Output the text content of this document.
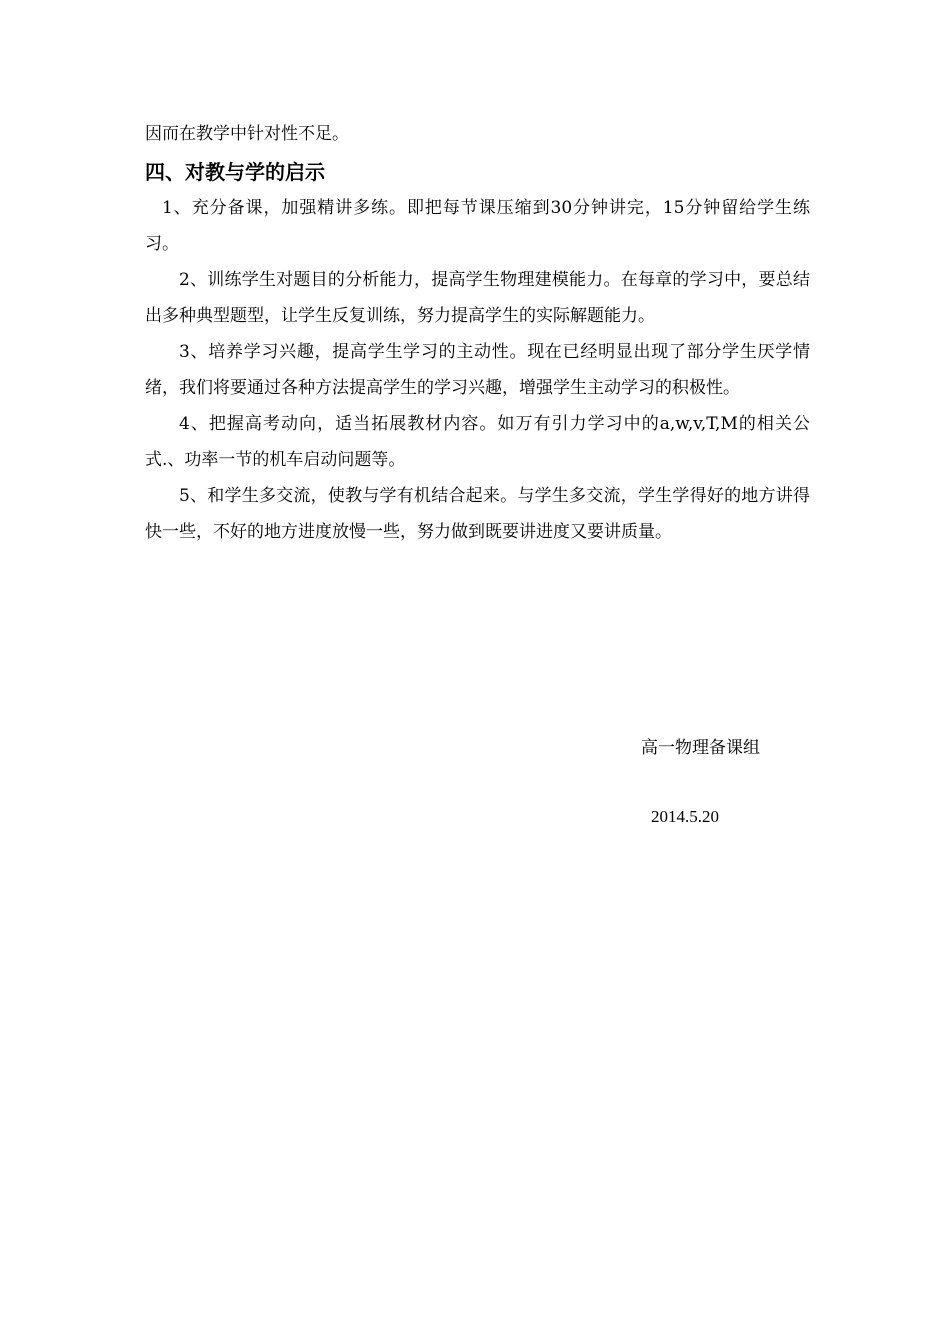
因而在教学中针对性不足。

四、对教与学的启示

1、充分备课，加强精讲多练。即把每节课压缩到30分钟讲完，15分钟留给学生练习。

2、训练学生对题目的分析能力，提高学生物理建模能力。在每章的学习中，要总结出多种典型题型，让学生反复训练，努力提高学生的实际解题能力。

3、培养学习兴趣，提高学生学习的主动性。现在已经明显出现了部分学生厌学情绪，我们将要通过各种方法提高学生的学习兴趣，增强学生主动学习的积极性。

4、把握高考动向，适当拓展教材内容。如万有引力学习中的a,w,v,T,M的相关公式.、功率一节的机车启动问题等。

5、和学生多交流，使教与学有机结合起来。与学生多交流，学生学得好的地方讲得快一些，不好的地方进度放慢一些，努力做到既要讲进度又要讲质量。

高一物理备课组

2014.5.20
